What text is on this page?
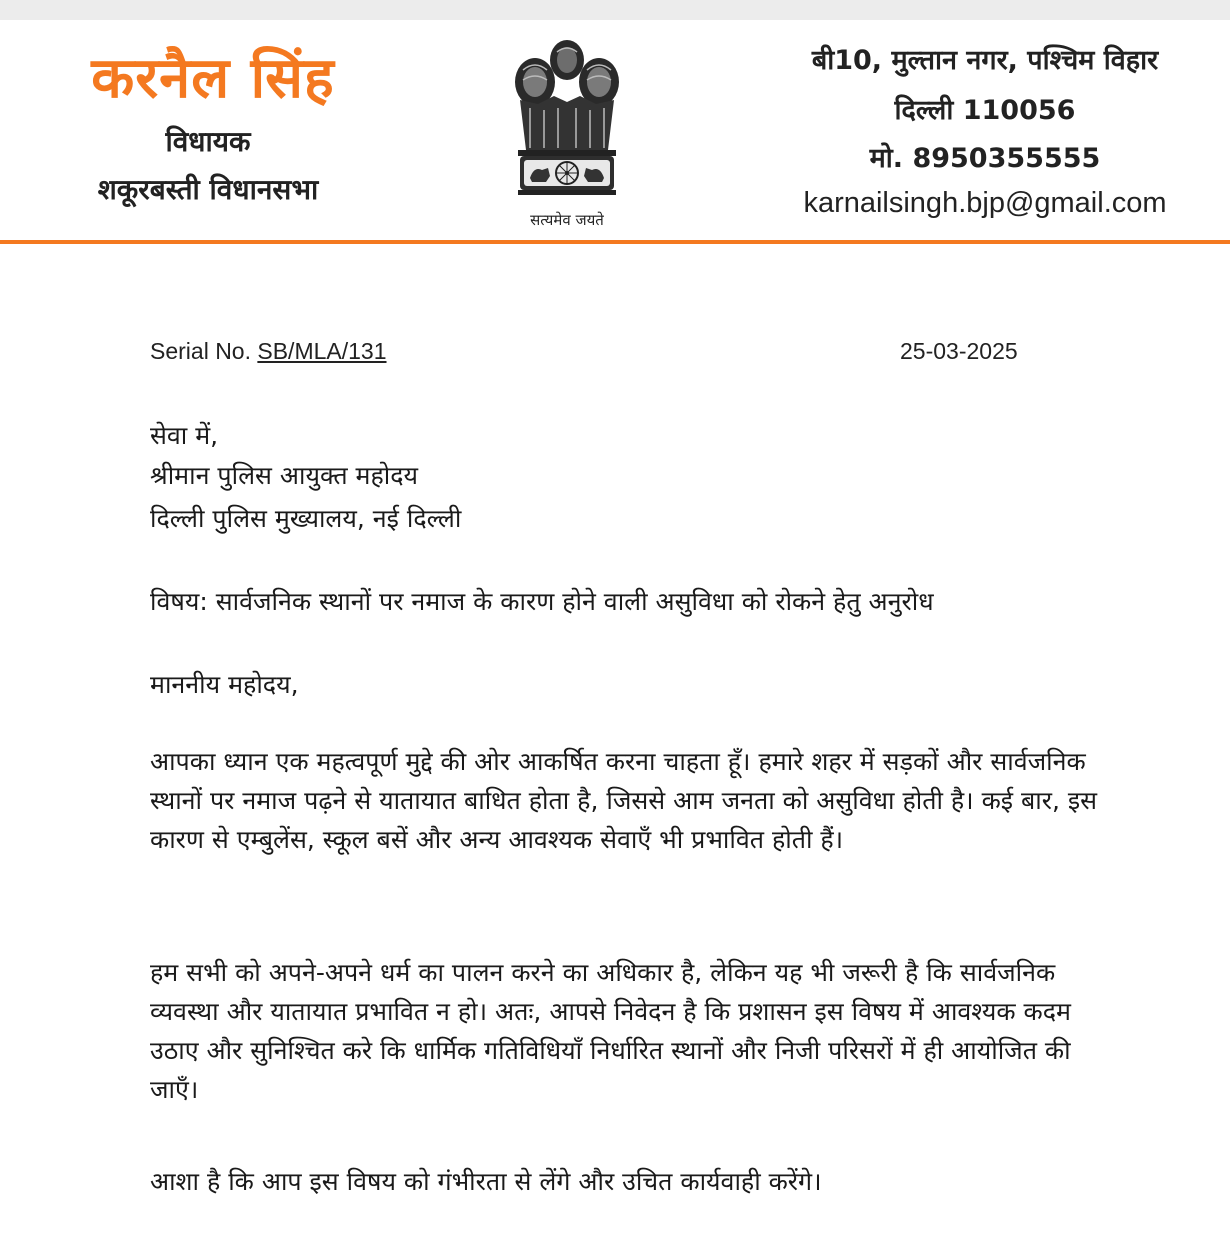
करनैल सिंह
विधायक
शकूरबस्ती विधानसभा
सत्यमेव जयते
बी10, मुल्तान नगर, पश्चिम विहार
दिल्ली 110056
मो. 8950355555
karnailsingh.bjp@gmail.com
Serial No. SB/MLA/131	25-03-2025
सेवा में,
श्रीमान पुलिस आयुक्त महोदय
दिल्ली पुलिस मुख्यालय, नई दिल्ली
विषय: सार्वजनिक स्थानों पर नमाज के कारण होने वाली असुविधा को रोकने हेतु अनुरोध
माननीय महोदय,
आपका ध्यान एक महत्वपूर्ण मुद्दे की ओर आकर्षित करना चाहता हूँ। हमारे शहर में सड़कों और सार्वजनिक स्थानों पर नमाज पढ़ने से यातायात बाधित होता है, जिससे आम जनता को असुविधा होती है। कई बार, इस कारण से एम्बुलेंस, स्कूल बसें और अन्य आवश्यक सेवाएँ भी प्रभावित होती हैं।
हम सभी को अपने-अपने धर्म का पालन करने का अधिकार है, लेकिन यह भी जरूरी है कि सार्वजनिक व्यवस्था और यातायात प्रभावित न हो। अतः, आपसे निवेदन है कि प्रशासन इस विषय में आवश्यक कदम उठाए और सुनिश्चित करे कि धार्मिक गतिविधियाँ निर्धारित स्थानों और निजी परिसरों में ही आयोजित की जाएँ।
आशा है कि आप इस विषय को गंभीरता से लेंगे और उचित कार्यवाही करेंगे।
